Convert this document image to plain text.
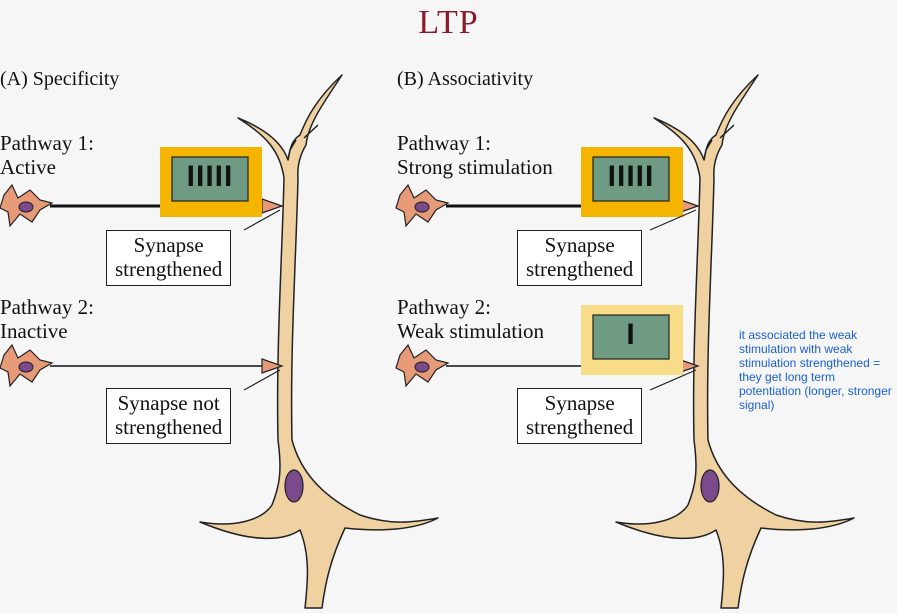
LTP
(A) Specificity
Pathway 1:
Active
Pathway 2:
Inactive
IIIII
Synapse
strengthened
Synapse not
strengthened
(B) Associativity
Pathway 1:
Strong stimulation
Pathway 2:
Weak stimulation
IIIII
I
Synapse
strengthened
Synapse
strengthened
it associated the weak stimulation with weak stimulation strengthened = they get long term potentiation (longer, stronger signal)
